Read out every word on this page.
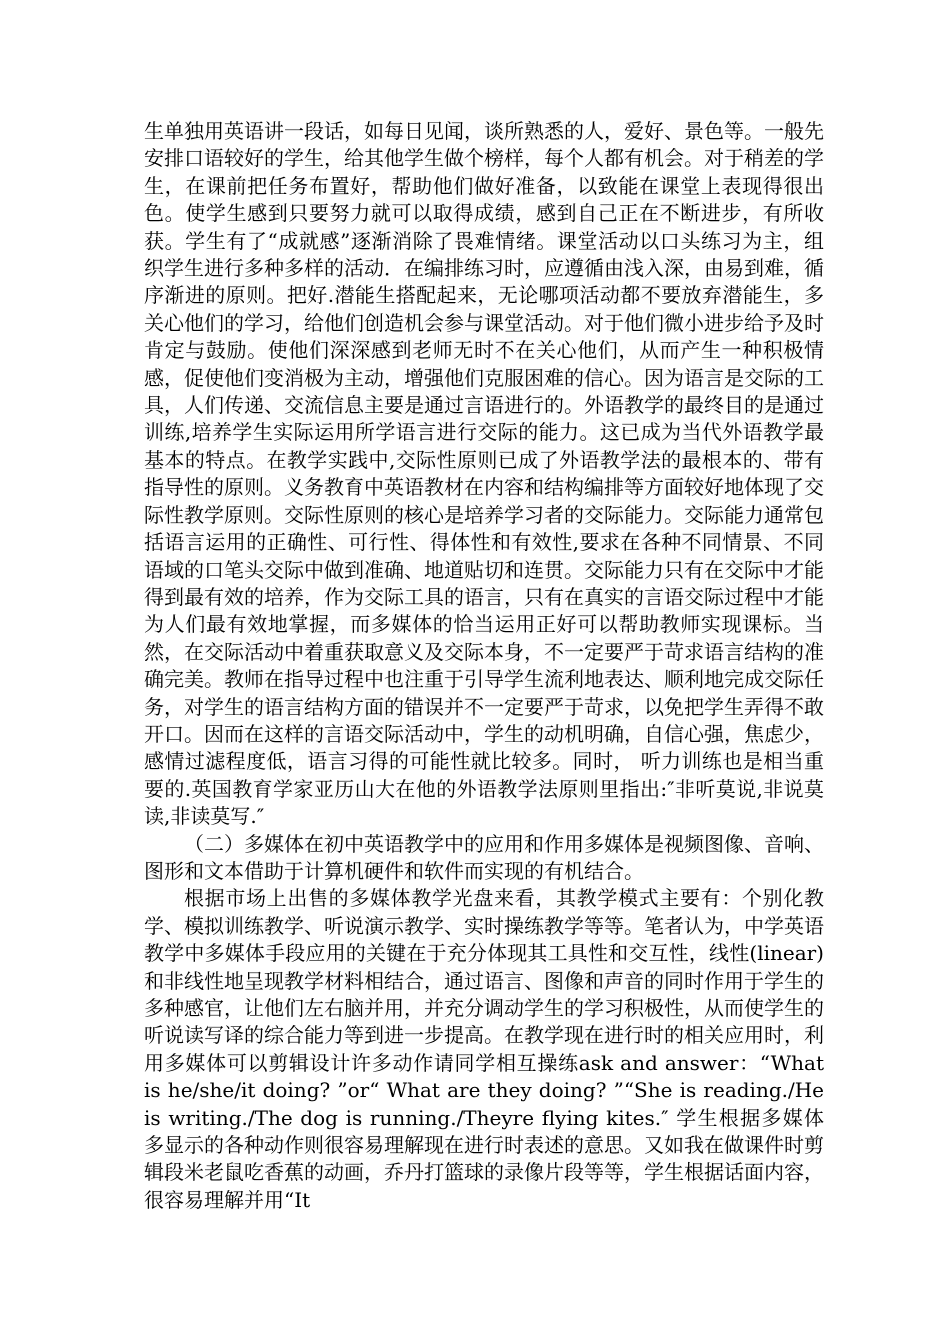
生单独用英语讲一段话，如每日见闻，谈所熟悉的人，爱好、景色等。一般先安排口语较好的学生，给其他学生做个榜样，每个人都有机会。对于稍差的学生，在课前把任务布置好，帮助他们做好准备，以致能在课堂上表现得很出色。使学生感到只要努力就可以取得成绩，感到自己正在不断进步，有所收获。学生有了“成就感”逐渐消除了畏难情绪。课堂活动以口头练习为主，组织学生进行多种多样的活动．在编排练习时，应遵循由浅入深，由易到难，循序渐进的原则。把好.潜能生搭配起来，无论哪项活动都不要放弃潜能生，多关心他们的学习，给他们创造机会参与课堂活动。对于他们微小进步给予及时肯定与鼓励。使他们深深感到老师无时不在关心他们，从而产生一种积极情感，促使他们变消极为主动，增强他们克服困难的信心。因为语言是交际的工具，人们传递、交流信息主要是通过言语进行的。外语教学的最终目的是通过训练,培养学生实际运用所学语言进行交际的能力。这已成为当代外语教学最基本的特点。在教学实践中,交际性原则已成了外语教学法的最根本的、带有指导性的原则。义务教育中英语教材在内容和结构编排等方面较好地体现了交际性教学原则。交际性原则的核心是培养学习者的交际能力。交际能力通常包括语言运用的正确性、可行性、得体性和有效性,要求在各种不同情景、不同语域的口笔头交际中做到准确、地道贴切和连贯。交际能力只有在交际中才能得到最有效的培养，作为交际工具的语言，只有在真实的言语交际过程中才能为人们最有效地掌握，而多媒体的恰当运用正好可以帮助教师实现课标。当然，在交际活动中着重获取意义及交际本身，不一定要严于苛求语言结构的准确完美。教师在指导过程中也注重于引导学生流利地表达、顺利地完成交际任务，对学生的语言结构方面的错误并不一定要严于苛求，以免把学生弄得不敢开口。因而在这样的言语交际活动中，学生的动机明确，自信心强，焦虑少，感情过滤程度低，语言习得的可能性就比较多。同时， 听力训练也是相当重要的.英国教育学家亚历山大在他的外语教学法原则里指出:″非听莫说,非说莫读,非读莫写.″

（二）多媒体在初中英语教学中的应用和作用多媒体是视频图像、音响、图形和文本借助于计算机硬件和软件而实现的有机结合。

根据市场上出售的多媒体教学光盘来看，其教学模式主要有：个别化教学、模拟训练教学、听说演示教学、实时操练教学等等。笔者认为，中学英语教学中多媒体手段应用的关键在于充分体现其工具性和交互性，线性(linear)和非线性地呈现教学材料相结合，通过语言、图像和声音的同时作用于学生的多种感官，让他们左右脑并用，并充分调动学生的学习积极性，从而使学生的听说读写译的综合能力等到进一步提高。在教学现在进行时的相关应用时，利用多媒体可以剪辑设计许多动作请同学相互操练ask and answer：“What is he/she/it doing? ”or“ What are they doing? ”“She is reading./He is writing./The dog is running./Theyre flying kites.″ 学生根据多媒体多显示的各种动作则很容易理解现在进行时表述的意思。又如我在做课件时剪辑段米老鼠吃香蕉的动画，乔丹打篮球的录像片段等等，学生根据话面内容，很容易理解并用“It
